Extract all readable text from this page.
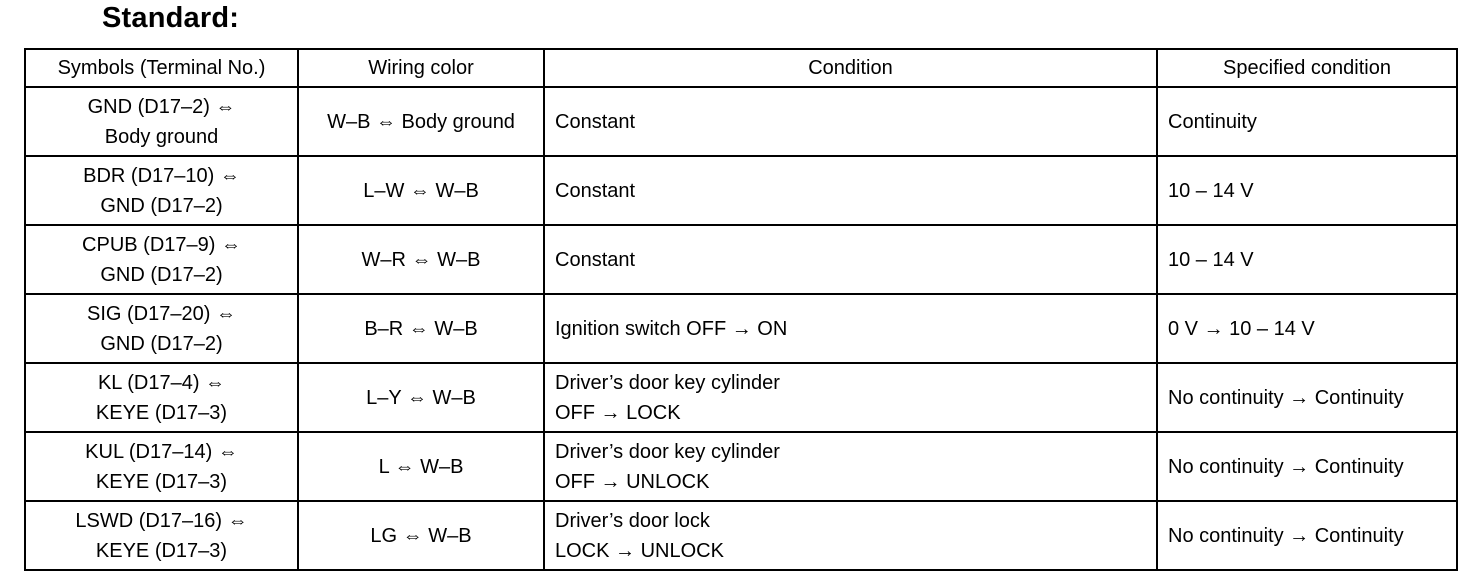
Standard:
Symbols (Terminal No.)	Wiring color	Condition	Specified condition

GND (D17–2) ⇔
Body ground	W–B ⇔ Body ground	Constant	Continuity

BDR (D17–10) ⇔
GND (D17–2)	L–W ⇔ W–B	Constant	10 – 14 V

CPUB (D17–9) ⇔
GND (D17–2)	W–R ⇔ W–B	Constant	10 – 14 V

SIG (D17–20) ⇔
GND (D17–2)	B–R ⇔ W–B	Ignition switch OFF → ON	0 V → 10 – 14 V

KL (D17–4) ⇔
KEYE (D17–3)	L–Y ⇔ W–B	Driver’s door key cylinder
OFF → LOCK	No continuity → Continuity

KUL (D17–14) ⇔
KEYE (D17–3)	L ⇔ W–B	Driver’s door key cylinder
OFF → UNLOCK	No continuity → Continuity

LSWD (D17–16) ⇔
KEYE (D17–3)	LG ⇔ W–B	Driver’s door lock
LOCK → UNLOCK	No continuity → Continuity
